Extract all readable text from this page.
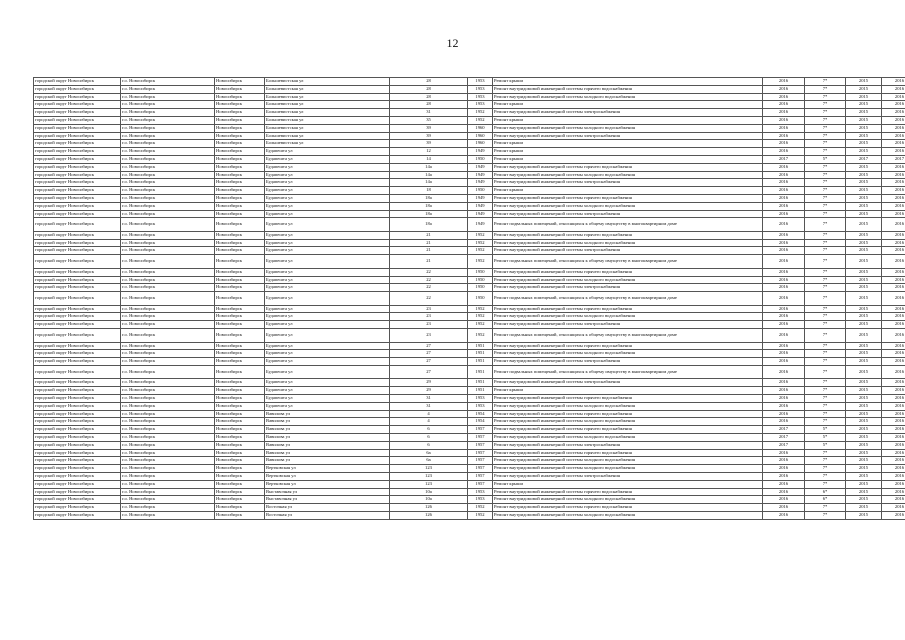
12
городской округ Новосибирск	г.о. Новосибирск	Новосибирск	Большевистская ул	28	1953	Ремонт крыши	2016	7*	2015	2016
городской округ Новосибирск	г.о. Новосибирск	Новосибирск	Большевистская ул	28	1953	Ремонт внутридомовой инженерной системы горячего водоснабжения	2016	7*	2015	2016
городской округ Новосибирск	г.о. Новосибирск	Новосибирск	Большевистская ул	28	1953	Ремонт внутридомовой инженерной системы холодного водоснабжения	2016	7*	2015	2016
городской округ Новосибирск	г.о. Новосибирск	Новосибирск	Большевистская ул	28	1953	Ремонт крыши	2016	7*	2015	2016
городской округ Новосибирск	г.о. Новосибирск	Новосибирск	Большевистская ул	31	1952	Ремонт внутридомовой инженерной системы электроснабжения	2016	7*	2015	2016
городской округ Новосибирск	г.о. Новосибирск	Новосибирск	Большевистская ул	35	1952	Ремонт крыши	2016	7*	2015	2016
городской округ Новосибирск	г.о. Новосибирск	Новосибирск	Большевистская ул	39	1960	Ремонт внутридомовой инженерной системы холодного водоснабжения	2016	7*	2015	2016
городской округ Новосибирск	г.о. Новосибирск	Новосибирск	Большевистская ул	39	1960	Ремонт внутридомовой инженерной системы электроснабжения	2016	7*	2015	2016
городской округ Новосибирск	г.о. Новосибирск	Новосибирск	Большевистская ул	39	1960	Ремонт крыши	2016	7*	2015	2016
городской округ Новосибирск	г.о. Новосибирск	Новосибирск	Будапешта ул	12	1949	Ремонт крыши	2016	7*	2015	2016
городской округ Новосибирск	г.о. Новосибирск	Новосибирск	Будапешта ул	14	1950	Ремонт крыши	2017	5*	2017	2017
городской округ Новосибирск	г.о. Новосибирск	Новосибирск	Будапешта ул	14а	1949	Ремонт внутридомовой инженерной системы горячего водоснабжения	2016	7*	2015	2016
городской округ Новосибирск	г.о. Новосибирск	Новосибирск	Будапешта ул	14а	1949	Ремонт внутридомовой инженерной системы холодного водоснабжения	2016	7*	2015	2016
городской округ Новосибирск	г.о. Новосибирск	Новосибирск	Будапешта ул	14а	1949	Ремонт внутридомовой инженерной системы электроснабжения	2016	7*	2015	2016
городской округ Новосибирск	г.о. Новосибирск	Новосибирск	Будапешта ул	18	1950	Ремонт крыши	2016	7*	2015	2016
городской округ Новосибирск	г.о. Новосибирск	Новосибирск	Будапешта ул	18а	1949	Ремонт внутридомовой инженерной системы горячего водоснабжения	2016	7*	2015	2016
городской округ Новосибирск	г.о. Новосибирск	Новосибирск	Будапешта ул	18а	1949	Ремонт внутридомовой инженерной системы холодного водоснабжения	2016	7*	2015	2016
городской округ Новосибирск	г.о. Новосибирск	Новосибирск	Будапешта ул	18а	1949	Ремонт внутридомовой инженерной системы электроснабжения	2016	7*	2015	2016
городской округ Новосибирск	г.о. Новосибирск	Новосибирск	Будапешта ул	18а	1949	Ремонт подвальных помещений, относящихся к общему имуществу в многоквартирном доме	2016	7*	2015	2016
городской округ Новосибирск	г.о. Новосибирск	Новосибирск	Будапешта ул	21	1952	Ремонт внутридомовой инженерной системы горячего водоснабжения	2016	7*	2015	2016
городской округ Новосибирск	г.о. Новосибирск	Новосибирск	Будапешта ул	21	1952	Ремонт внутридомовой инженерной системы холодного водоснабжения	2016	7*	2015	2016
городской округ Новосибирск	г.о. Новосибирск	Новосибирск	Будапешта ул	21	1952	Ремонт внутридомовой инженерной системы электроснабжения	2016	7*	2015	2016
городской округ Новосибирск	г.о. Новосибирск	Новосибирск	Будапешта ул	21	1952	Ремонт подвальных помещений, относящихся к общему имуществу в многоквартирном доме	2016	7*	2015	2016
городской округ Новосибирск	г.о. Новосибирск	Новосибирск	Будапешта ул	22	1950	Ремонт внутридомовой инженерной системы горячего водоснабжения	2016	7*	2015	2016
городской округ Новосибирск	г.о. Новосибирск	Новосибирск	Будапешта ул	22	1950	Ремонт внутридомовой инженерной системы холодного водоснабжения	2016	7*	2015	2016
городской округ Новосибирск	г.о. Новосибирск	Новосибирск	Будапешта ул	22	1950	Ремонт внутридомовой инженерной системы электроснабжения	2016	7*	2015	2016
городской округ Новосибирск	г.о. Новосибирск	Новосибирск	Будапешта ул	22	1950	Ремонт подвальных помещений, относящихся к общему имуществу в многоквартирном доме	2016	7*	2015	2016
городской округ Новосибирск	г.о. Новосибирск	Новосибирск	Будапешта ул	23	1952	Ремонт внутридомовой инженерной системы горячего водоснабжения	2016	7*	2015	2016
городской округ Новосибирск	г.о. Новосибирск	Новосибирск	Будапешта ул	23	1952	Ремонт внутридомовой инженерной системы холодного водоснабжения	2016	7*	2015	2016
городской округ Новосибирск	г.о. Новосибирск	Новосибирск	Будапешта ул	23	1952	Ремонт внутридомовой инженерной системы электроснабжения	2016	7*	2015	2016
городской округ Новосибирск	г.о. Новосибирск	Новосибирск	Будапешта ул	23	1952	Ремонт подвальных помещений, относящихся к общему имуществу в многоквартирном доме	2016	7*	2015	2016
городской округ Новосибирск	г.о. Новосибирск	Новосибирск	Будапешта ул	27	1951	Ремонт внутридомовой инженерной системы горячего водоснабжения	2016	7*	2015	2016
городской округ Новосибирск	г.о. Новосибирск	Новосибирск	Будапешта ул	27	1951	Ремонт внутридомовой инженерной системы холодного водоснабжения	2016	7*	2015	2016
городской округ Новосибирск	г.о. Новосибирск	Новосибирск	Будапешта ул	27	1951	Ремонт внутридомовой инженерной системы электроснабжения	2016	7*	2015	2016
городской округ Новосибирск	г.о. Новосибирск	Новосибирск	Будапешта ул	27	1951	Ремонт подвальных помещений, относящихся к общему имуществу в многоквартирном доме	2016	7*	2015	2016
городской округ Новосибирск	г.о. Новосибирск	Новосибирск	Будапешта ул	29	1951	Ремонт внутридомовой инженерной системы электроснабжения	2016	7*	2015	2016
городской округ Новосибирск	г.о. Новосибирск	Новосибирск	Будапешта ул	29	1951	Ремонт крыши	2016	7*	2015	2016
городской округ Новосибирск	г.о. Новосибирск	Новосибирск	Будапешта ул	31	1953	Ремонт внутридомовой инженерной системы горячего водоснабжения	2016	7*	2015	2016
городской округ Новосибирск	г.о. Новосибирск	Новосибирск	Будапешта ул	31	1953	Ремонт внутридомовой инженерной системы холодного водоснабжения	2016	7*	2015	2016
городской округ Новосибирск	г.о. Новосибирск	Новосибирск	Вавилова ул	4	1954	Ремонт внутридомовой инженерной системы горячего водоснабжения	2016	7*	2015	2016
городской округ Новосибирск	г.о. Новосибирск	Новосибирск	Вавилова ул	4	1954	Ремонт внутридомовой инженерной системы холодного водоснабжения	2016	7*	2015	2016
городской округ Новосибирск	г.о. Новосибирск	Новосибирск	Вавилова ул	6	1957	Ремонт внутридомовой инженерной системы горячего водоснабжения	2017	5*	2015	2016
городской округ Новосибирск	г.о. Новосибирск	Новосибирск	Вавилова ул	6	1957	Ремонт внутридомовой инженерной системы холодного водоснабжения	2017	5*	2015	2016
городской округ Новосибирск	г.о. Новосибирск	Новосибирск	Вавилова ул	6	1957	Ремонт внутридомовой инженерной системы электроснабжения	2017	5*	2015	2016
городской округ Новосибирск	г.о. Новосибирск	Новосибирск	Вавилова ул	6а	1957	Ремонт внутридомовой инженерной системы горячего водоснабжения	2016	7*	2015	2016
городской округ Новосибирск	г.о. Новосибирск	Новосибирск	Вавилова ул	6а	1957	Ремонт внутридомовой инженерной системы холодного водоснабжения	2016	7*	2015	2016
городской округ Новосибирск	г.о. Новосибирск	Новосибирск	Вертковская ул	123	1957	Ремонт внутридомовой инженерной системы холодного водоснабжения	2016	7*	2015	2016
городской округ Новосибирск	г.о. Новосибирск	Новосибирск	Вертковская ул	123	1957	Ремонт внутридомовой инженерной системы электроснабжения	2016	7*	2015	2016
городской округ Новосибирск	г.о. Новосибирск	Новосибирск	Вертковская ул	123	1957	Ремонт крыши	2016	7*	2015	2016
городской округ Новосибирск	г.о. Новосибирск	Новосибирск	Выставочная ул	10а	1953	Ремонт внутридомовой инженерной системы горячего водоснабжения	2016	6*	2015	2016
городской округ Новосибирск	г.о. Новосибирск	Новосибирск	Выставочная ул	10а	1953	Ремонт внутридомовой инженерной системы холодного водоснабжения	2016	6*	2015	2016
городской округ Новосибирск	г.о. Новосибирск	Новосибирск	Восточная ул	126	1952	Ремонт внутридомовой инженерной системы горячего водоснабжения	2016	7*	2015	2016
городской округ Новосибирск	г.о. Новосибирск	Новосибирск	Восточная ул	126	1952	Ремонт внутридомовой инженерной системы холодного водоснабжения	2016	7*	2015	2016
